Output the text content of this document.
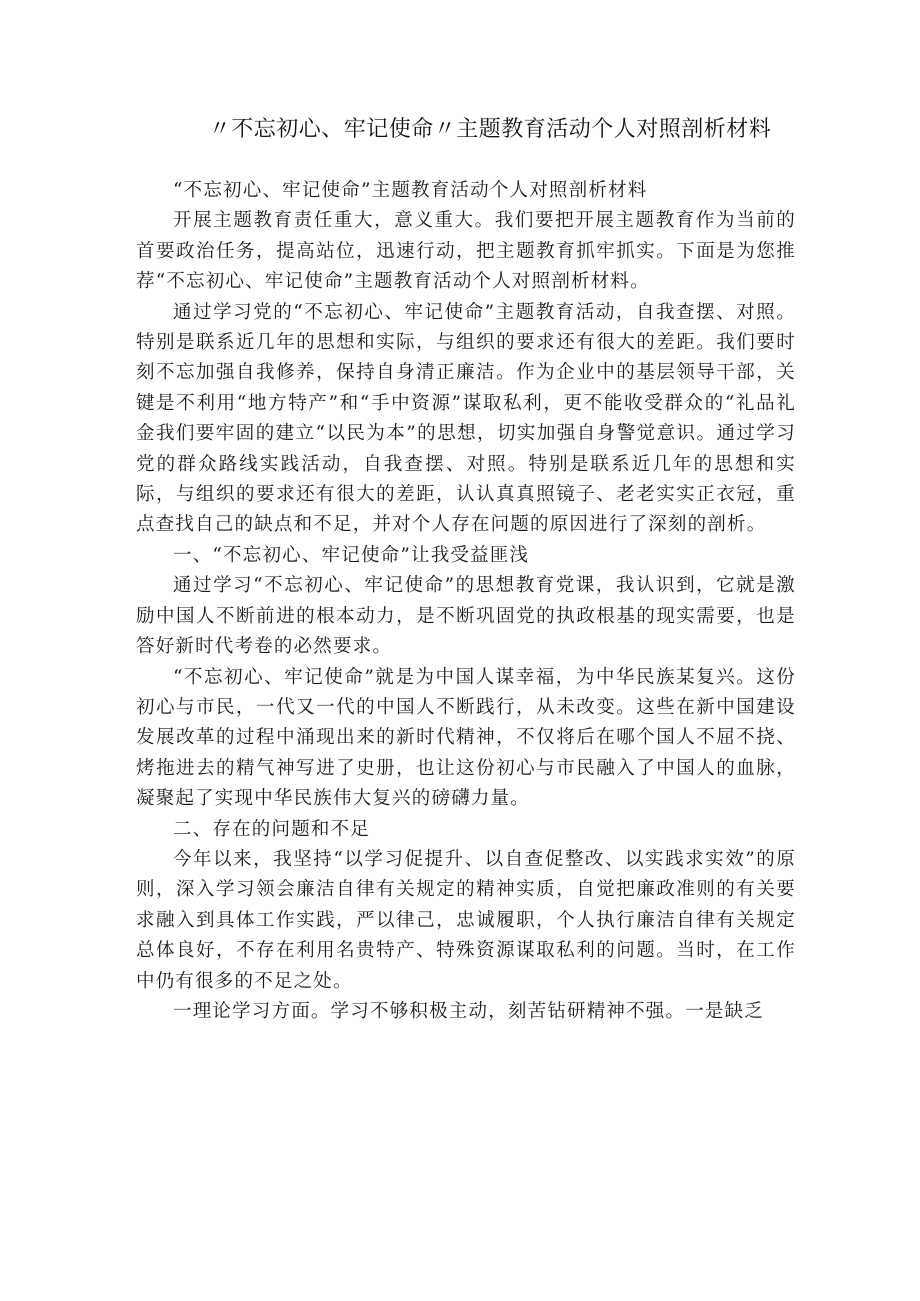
〃不忘初心、牢记使命〃主题教育活动个人对照剖析材料

“不忘初心、牢记使命”主题教育活动个人对照剖析材料

开展主题教育责任重大，意义重大。我们要把开展主题教育作为当前的首要政治任务，提高站位，迅速行动，把主题教育抓牢抓实。下面是为您推荐“不忘初心、牢记使命”主题教育活动个人对照剖析材料。

通过学习党的“不忘初心、牢记使命”主题教育活动，自我查摆、对照。特别是联系近几年的思想和实际，与组织的要求还有很大的差距。我们要时刻不忘加强自我修养，保持自身清正廉洁。作为企业中的基层领导干部，关键是不利用“地方特产”和“手中资源”谋取私利，更不能收受群众的“礼品礼金我们要牢固的建立“以民为本”的思想，切实加强自身警觉意识。通过学习党的群众路线实践活动，自我查摆、对照。特别是联系近几年的思想和实际，与组织的要求还有很大的差距，认认真真照镜子、老老实实正衣冠，重点查找自己的缺点和不足，并对个人存在问题的原因进行了深刻的剖析。

一、“不忘初心、牢记使命”让我受益匪浅

通过学习“不忘初心、牢记使命”的思想教育党课，我认识到，它就是激励中国人不断前进的根本动力，是不断巩固党的执政根基的现实需要，也是答好新时代考卷的必然要求。

“不忘初心、牢记使命”就是为中国人谋幸福，为中华民族某复兴。这份初心与市民，一代又一代的中国人不断践行，从未改变。这些在新中国建设发展改革的过程中涌现出来的新时代精神，不仅将后在哪个国人不屈不挠、烤拖进去的精气神写进了史册，也让这份初心与市民融入了中国人的血脉，凝聚起了实现中华民族伟大复兴的磅礴力量。

二、存在的问题和不足

今年以来，我坚持“以学习促提升、以自查促整改、以实践求实效”的原则，深入学习领会廉洁自律有关规定的精神实质，自觉把廉政准则的有关要求融入到具体工作实践，严以律己，忠诚履职，个人执行廉洁自律有关规定总体良好，不存在利用名贵特产、特殊资源谋取私利的问题。当时，在工作中仍有很多的不足之处。

一理论学习方面。学习不够积极主动，刻苦钻研精神不强。一是缺乏
